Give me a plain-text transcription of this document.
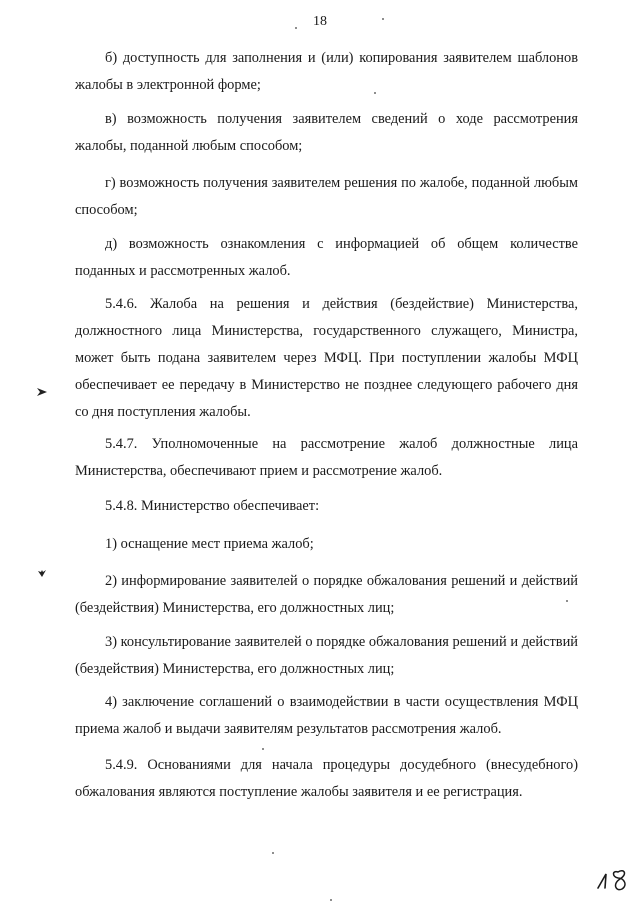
18

б) доступность для заполнения и (или) копирования заявителем шаблонов жалобы в электронной форме;

в) возможность получения заявителем сведений о ходе рассмотрения жалобы, поданной любым способом;

г) возможность получения заявителем решения по жалобе, поданной любым способом;

д) возможность ознакомления с информацией об общем количестве поданных и рассмотренных жалоб.

5.4.6. Жалоба на решения и действия (бездействие) Министерства, должностного лица Министерства, государственного служащего, Министра, может быть подана заявителем через МФЦ. При поступлении жалобы МФЦ обеспечивает ее передачу в Министерство не позднее следующего рабочего дня со дня поступления жалобы.

5.4.7. Уполномоченные на рассмотрение жалоб должностные лица Министерства, обеспечивают прием и рассмотрение жалоб.

5.4.8. Министерство обеспечивает:

1) оснащение мест приема жалоб;

2) информирование заявителей о порядке обжалования решений и действий (бездействия) Министерства, его должностных лиц;

3) консультирование заявителей о порядке обжалования решений и действий (бездействия) Министерства, его должностных лиц;

4) заключение соглашений о взаимодействии в части осуществления МФЦ приема жалоб и выдачи заявителям результатов рассмотрения жалоб.

5.4.9. Основаниями для начала процедуры досудебного (внесудебного) обжалования являются поступление жалобы заявителя и ее регистрация.
